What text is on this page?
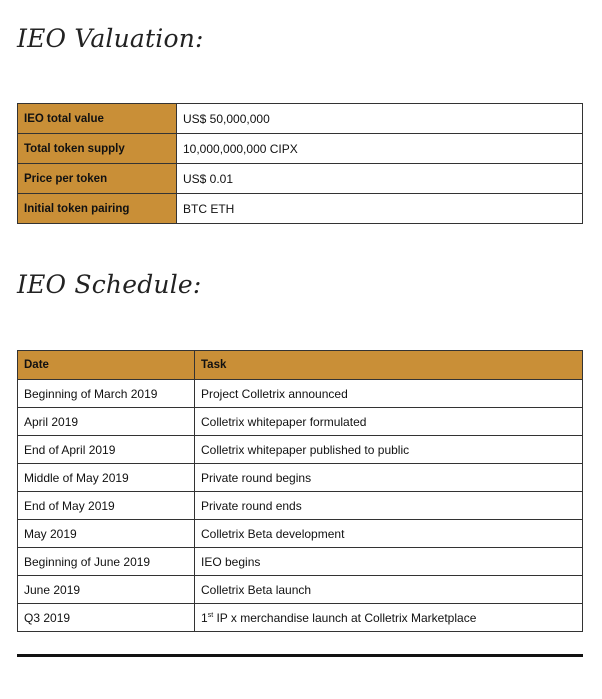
IEO Valuation:
IEO total value	US$ 50,000,000
Total token supply	10,000,000,000 CIPX
Price per token	US$ 0.01
Initial token pairing	BTC ETH
IEO Schedule:
Date	Task
Beginning of March 2019	Project Colletrix announced
April 2019	Colletrix whitepaper formulated
End of April 2019	Colletrix whitepaper published to public
Middle of May 2019	Private round begins
End of May 2019	Private round ends
May 2019	Colletrix Beta development
Beginning of June 2019	IEO begins
June 2019	Colletrix Beta launch
Q3 2019	1st IP x merchandise launch at Colletrix Marketplace
